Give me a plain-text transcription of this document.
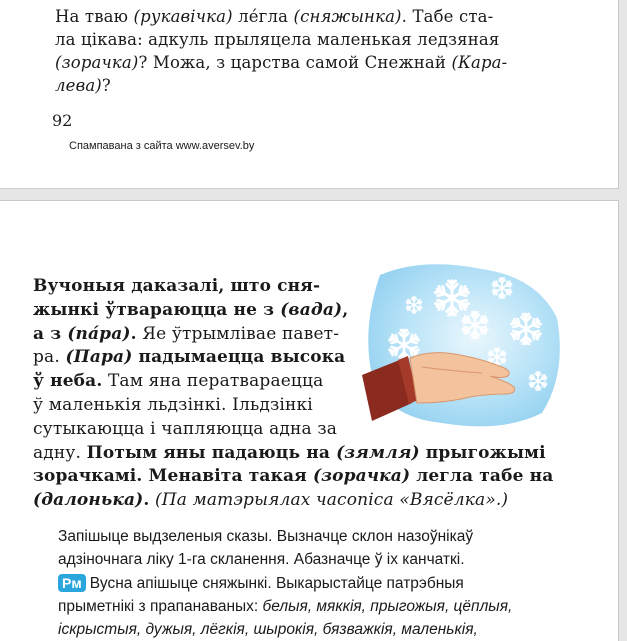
На тваю (рукавічка) ле́гла (сняжынка). Табе ста-
ла цікава: адкуль прыляцела маленькая ледзяная
(зорачка)? Можа, з царства самой Снежнай (Кара-
лева)?
92
Спампавана з сайта www.aversev.by
Вучоныя даказалі, што сня-
жынкі ўтвараюцца не з (вада),
а з (па́ра). Яе ўтрымлівае павет-
ра. (Пара) падымаецца высока
ў неба. Там яна ператвараецца
ў маленькія льдзінкі. Ільдзінкі
сутыкаюцца і чапляюцца адна за
адну. Потым яны падаюць на (зямля) прыгожымі
зорачкамі. Менавіта такая (зорачка) легла табе на
(далонька). (Па матэрыялах часопіса «Вясёлка».)
Запішыце выдзеленыя сказы. Вызначце склон назоўнікаў
адзіночнага ліку 1-га скланення. Абазначце ў іх канчаткі.
Рм Вусна апішыце сняжынкі. Выкарыстайце патрэбныя
прыметнікі з прапанаваных: белыя, мяккія, прыгожыя, цёплыя,
іскрыстыя, дужыя, лёгкія, шырокія, бязважкія, маленькія,
